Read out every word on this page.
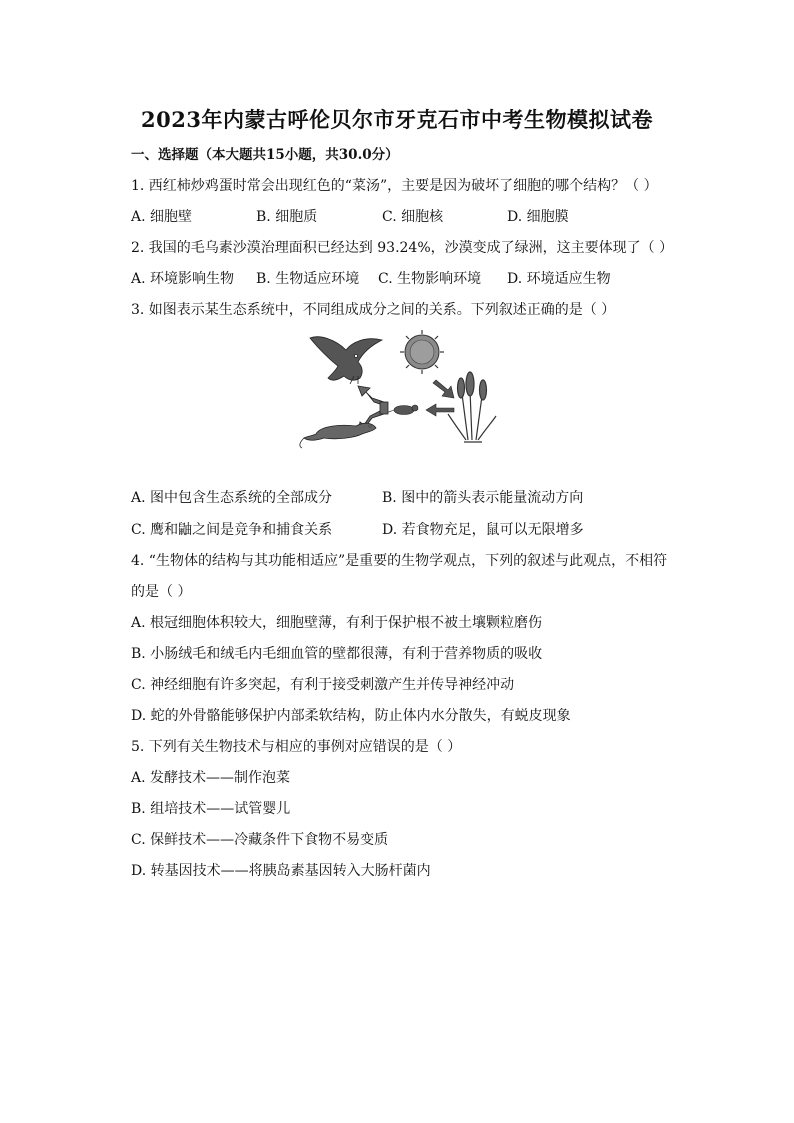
2023年内蒙古呼伦贝尔市牙克石市中考生物模拟试卷
一、选择题（本大题共15小题，共30.0分）
1. 西红柿炒鸡蛋时常会出现红色的“菜汤”，主要是因为破坏了细胞的哪个结构？（ ）
A. 细胞壁	B. 细胞质	C. 细胞核	D. 细胞膜
2. 我国的毛乌素沙漠治理面积已经达到 93.24%，沙漠变成了绿洲，这主要体现了（ ）
A. 环境影响生物 B. 生物适应环境 C. 生物影响环境 D. 环境适应生物
3. 如图表示某生态系统中，不同组成成分之间的关系。下列叙述正确的是（ ）
A. 图中包含生态系统的全部成分	B. 图中的箭头表示能量流动方向
C. 鹰和鼬之间是竞争和捕食关系	D. 若食物充足，鼠可以无限增多
4. “生物体的结构与其功能相适应”是重要的生物学观点，下列的叙述与此观点，不相符
的是（ ）
A. 根冠细胞体积较大，细胞壁薄，有利于保护根不被土壤颗粒磨伤
B. 小肠绒毛和绒毛内毛细血管的壁都很薄，有利于营养物质的吸收
C. 神经细胞有许多突起，有利于接受刺激产生并传导神经冲动
D. 蛇的外骨骼能够保护内部柔软结构，防止体内水分散失，有蜕皮现象
5. 下列有关生物技术与相应的事例对应错误的是（ ）
A. 发酵技术——制作泡菜
B. 组培技术——试管婴儿
C. 保鲜技术——冷藏条件下食物不易变质
D. 转基因技术——将胰岛素基因转入大肠杆菌内
